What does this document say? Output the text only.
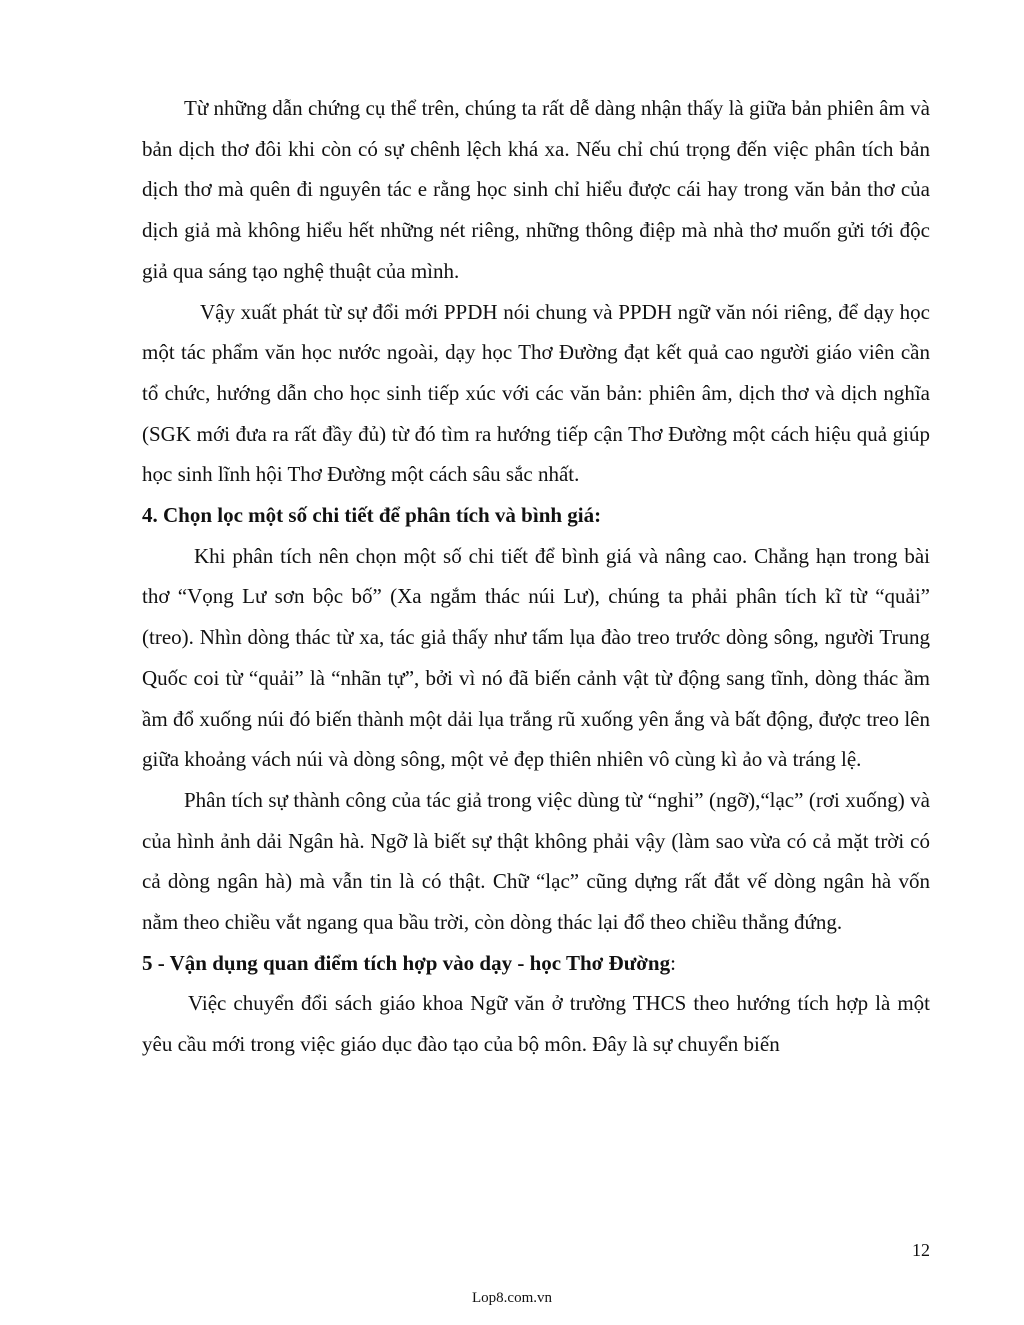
Từ những dẫn chứng cụ thể trên, chúng ta rất dễ dàng nhận thấy là giữa bản phiên âm và bản dịch thơ đôi khi còn có sự chênh lệch khá xa. Nếu chỉ chú trọng đến việc phân tích bản dịch thơ mà quên đi nguyên tác e rằng học sinh chỉ hiểu được cái hay trong văn bản thơ của dịch giả mà không hiểu hết những nét riêng, những thông điệp mà nhà thơ muốn gửi tới độc giả qua sáng tạo nghệ thuật của mình.

Vậy xuất phát từ sự đổi mới PPDH nói chung và PPDH ngữ văn nói riêng, để dạy học một tác phẩm văn học nước ngoài, dạy học Thơ Đường đạt kết quả cao người giáo viên cần tổ chức, hướng dẫn cho học sinh tiếp xúc với các văn bản: phiên âm, dịch thơ và dịch nghĩa (SGK mới đưa ra rất đầy đủ) từ đó tìm ra hướng tiếp cận Thơ Đường một cách hiệu quả giúp học sinh lĩnh hội Thơ Đường một cách sâu sắc nhất.

4. Chọn lọc một số chi tiết để phân tích và bình giá:

Khi phân tích nên chọn một số chi tiết để bình giá và nâng cao. Chẳng hạn trong bài thơ “Vọng Lư sơn bộc bố” (Xa ngắm thác núi Lư), chúng ta phải phân tích kĩ từ “quải” (treo). Nhìn dòng thác từ xa, tác giả thấy như tấm lụa đào treo trước dòng sông, người Trung Quốc coi từ “quải” là “nhãn tự”, bởi vì nó đã biến cảnh vật từ động sang tĩnh, dòng thác ầm ầm đổ xuống núi đó biến thành một dải lụa trắng rũ xuống yên ắng và bất động, được treo lên giữa khoảng vách núi và dòng sông, một vẻ đẹp thiên nhiên vô cùng kì ảo và tráng lệ.

Phân tích sự thành công của tác giả trong việc dùng từ “nghi” (ngỡ),“lạc” (rơi xuống) và của hình ảnh dải Ngân hà. Ngỡ là biết sự thật không phải vậy (làm sao vừa có cả mặt trời có cả dòng ngân hà) mà vẫn tin là có thật. Chữ “lạc” cũng dựng rất đắt vế dòng ngân hà vốn nằm theo chiều vắt ngang qua bầu trời, còn dòng thác lại đổ theo chiều thẳng đứng.

5 - Vận dụng quan điểm tích hợp vào dạy - học Thơ Đường:

Việc chuyển đổi sách giáo khoa Ngữ văn ở trường THCS theo hướng tích hợp là một yêu cầu mới trong việc giáo dục đào tạo của bộ môn. Đây là sự chuyển biến

12
Lop8.com.vn
